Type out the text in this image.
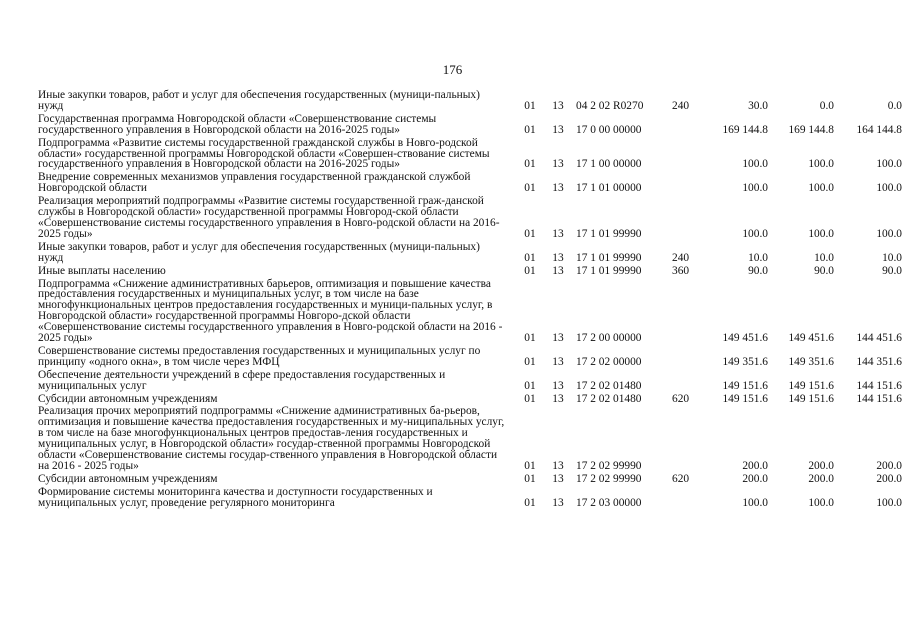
176
Иные закупки товаров, работ и услуг для обеспечения государственных (муници-пальных) нужд	01	13	04 2 02 R0270	240	30.0	0.0	0.0
Государственная программа Новгородской области «Совершенствование системы государственного управления в Новгородской области на 2016-2025 годы»	01	13	17 0 00 00000		169 144.8	169 144.8	164 144.8
Подпрограмма «Развитие системы государственной гражданской службы в Новго-родской области» государственной программы Новгородской области «Совершен-ствование системы государственного управления в Новгородской области на 2016-2025 годы»	01	13	17 1 00 00000		100.0	100.0	100.0
Внедрение современных механизмов управления государственной гражданской службой Новгородской области	01	13	17 1 01 00000		100.0	100.0	100.0
Реализация мероприятий подпрограммы «Развитие системы государственной граж-данской службы в Новгородской области» государственной программы Новгород-ской области «Совершенствование системы государственного управления в Новго-родской области на 2016-2025 годы»	01	13	17 1 01 99990		100.0	100.0	100.0
Иные закупки товаров, работ и услуг для обеспечения государственных (муници-пальных) нужд	01	13	17 1 01 99990	240	10.0	10.0	10.0
Иные выплаты населению	01	13	17 1 01 99990	360	90.0	90.0	90.0
Подпрограмма «Снижение административных барьеров, оптимизация и повышение качества предоставления государственных и муниципальных услуг, в том числе на базе многофункциональных центров предоставления государственных и муници-пальных услуг, в Новгородской области» государственной программы Новгоро-дской области «Совершенствование системы государственного управления в Новго-родской области на 2016 - 2025 годы»	01	13	17 2 00 00000		149 451.6	149 451.6	144 451.6
Совершенствование системы предоставления государственных и муниципальных услуг по принципу «одного окна», в том числе через МФЦ	01	13	17 2 02 00000		149 351.6	149 351.6	144 351.6
Обеспечение деятельности учреждений в сфере предоставления государственных и муниципальных услуг	01	13	17 2 02 01480		149 151.6	149 151.6	144 151.6
Субсидии автономным учреждениям	01	13	17 2 02 01480	620	149 151.6	149 151.6	144 151.6
Реализация прочих мероприятий подпрограммы «Снижение административных ба-рьеров, оптимизация и повышение качества предоставления государственных и му-ниципальных услуг, в том числе на базе многофункциональных центров предостав-ления государственных и муниципальных услуг, в Новгородской области» государ-ственной программы Новгородской области «Совершенствование системы государ-ственного управления в Новгородской области на 2016 - 2025 годы»	01	13	17 2 02 99990		200.0	200.0	200.0
Субсидии автономным учреждениям	01	13	17 2 02 99990	620	200.0	200.0	200.0
Формирование системы мониторинга качества и доступности государственных и муниципальных услуг, проведение регулярного мониторинга	01	13	17 2 03 00000		100.0	100.0	100.0
